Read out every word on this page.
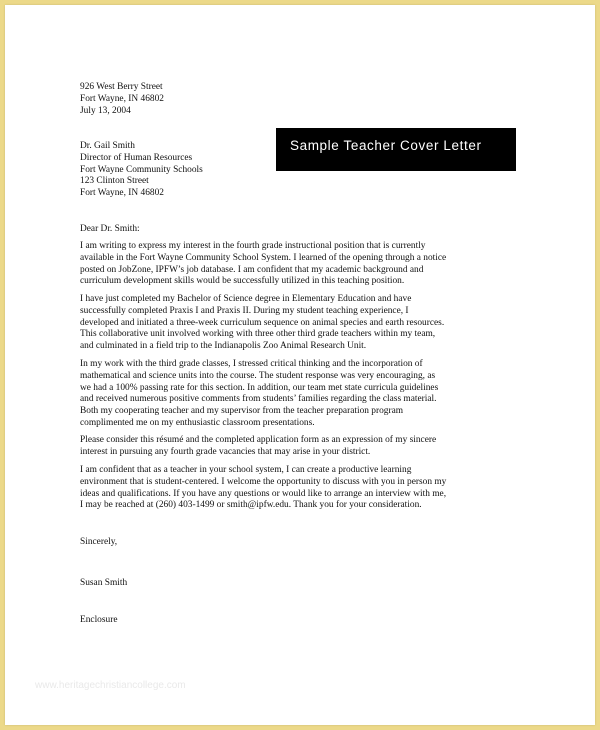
926 West Berry Street
Fort Wayne, IN 46802
July 13, 2004
Sample Teacher Cover Letter
Dr. Gail Smith
Director of Human Resources
Fort Wayne Community Schools
123 Clinton Street
Fort Wayne, IN 46802
Dear Dr. Smith:
I am writing to express my interest in the fourth grade instructional position that is currently
available in the Fort Wayne Community School System. I learned of the opening through a notice
posted on JobZone, IPFW’s job database. I am confident that my academic background and
curriculum development skills would be successfully utilized in this teaching position.
I have just completed my Bachelor of Science degree in Elementary Education and have
successfully completed Praxis I and Praxis II. During my student teaching experience, I
developed and initiated a three-week curriculum sequence on animal species and earth resources.
This collaborative unit involved working with three other third grade teachers within my team,
and culminated in a field trip to the Indianapolis Zoo Animal Research Unit.
In my work with the third grade classes, I stressed critical thinking and the incorporation of
mathematical and science units into the course. The student response was very encouraging, as
we had a 100% passing rate for this section. In addition, our team met state curricula guidelines
and received numerous positive comments from students’ families regarding the class material.
Both my cooperating teacher and my supervisor from the teacher preparation program
complimented me on my enthusiastic classroom presentations.
Please consider this résumé and the completed application form as an expression of my sincere
interest in pursuing any fourth grade vacancies that may arise in your district.
I am confident that as a teacher in your school system, I can create a productive learning
environment that is student-centered. I welcome the opportunity to discuss with you in person my
ideas and qualifications. If you have any questions or would like to arrange an interview with me,
I may be reached at (260) 403-1499 or smith@ipfw.edu. Thank you for your consideration.
Sincerely,
Susan Smith
Enclosure
www.heritagechristiancollege.com
